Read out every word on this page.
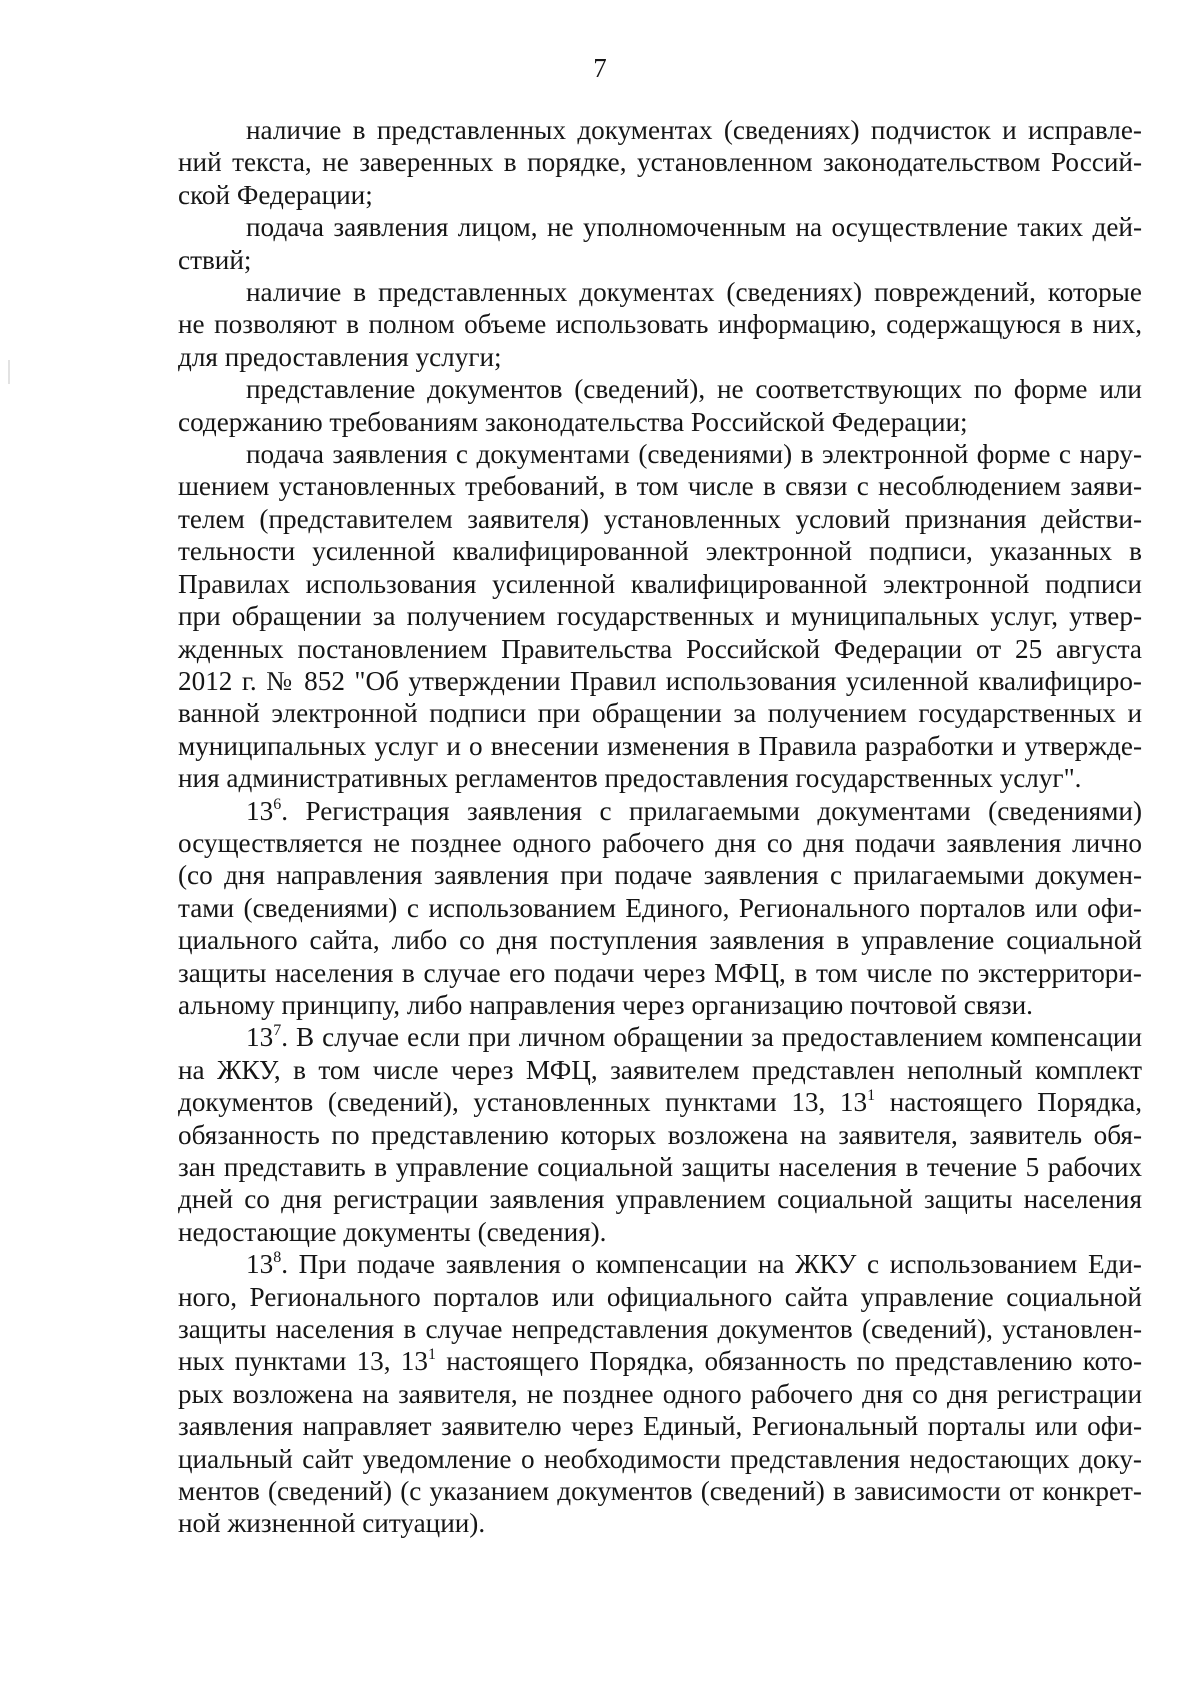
7

наличие в представленных документах (сведениях) подчисток и исправле-
ний текста, не заверенных в порядке, установленном законодательством Россий-
ской Федерации;

подача заявления лицом, не уполномоченным на осуществление таких дей-
ствий;

наличие в представленных документах (сведениях) повреждений, которые
не позволяют в полном объеме использовать информацию, содержащуюся в них,
для предоставления услуги;

представление документов (сведений), не соответствующих по форме или
содержанию требованиям законодательства Российской Федерации;

подача заявления с документами (сведениями) в электронной форме с нару-
шением установленных требований, в том числе в связи с несоблюдением заяви-
телем (представителем заявителя) установленных условий признания действи-
тельности усиленной квалифицированной электронной подписи, указанных в
Правилах использования усиленной квалифицированной электронной подписи
при обращении за получением государственных и муниципальных услуг, утвер-
жденных постановлением Правительства Российской Федерации от 25 августа
2012 г. № 852 "Об утверждении Правил использования усиленной квалифициро-
ванной электронной подписи при обращении за получением государственных и
муниципальных услуг и о внесении изменения в Правила разработки и утвержде-
ния административных регламентов предоставления государственных услуг".

$13^6$. Регистрация заявления с прилагаемыми документами (сведениями)
осуществляется не позднее одного рабочего дня со дня подачи заявления лично
(со дня направления заявления при подаче заявления с прилагаемыми докумен-
тами (сведениями) с использованием Единого, Регионального порталов или офи-
циального сайта, либо со дня поступления заявления в управление социальной
защиты населения в случае его подачи через МФЦ, в том числе по экстерритори-
альному принципу, либо направления через организацию почтовой связи.

$13^7$. В случае если при личном обращении за предоставлением компенсации
на ЖКУ, в том числе через МФЦ, заявителем представлен неполный комплект
документов (сведений), установленных пунктами 13, $13^1$ настоящего Порядка,
обязанность по представлению которых возложена на заявителя, заявитель обя-
зан представить в управление социальной защиты населения в течение 5 рабочих
дней со дня регистрации заявления управлением социальной защиты населения
недостающие документы (сведения).

$13^8$. При подаче заявления о компенсации на ЖКУ с использованием Еди-
ного, Регионального порталов или официального сайта управление социальной
защиты населения в случае непредставления документов (сведений), установлен-
ных пунктами 13, $13^1$ настоящего Порядка, обязанность по представлению кото-
рых возложена на заявителя, не позднее одного рабочего дня со дня регистрации
заявления направляет заявителю через Единый, Региональный порталы или офи-
циальный сайт уведомление о необходимости представления недостающих доку-
ментов (сведений) (с указанием документов (сведений) в зависимости от конкрет-
ной жизненной ситуации).
